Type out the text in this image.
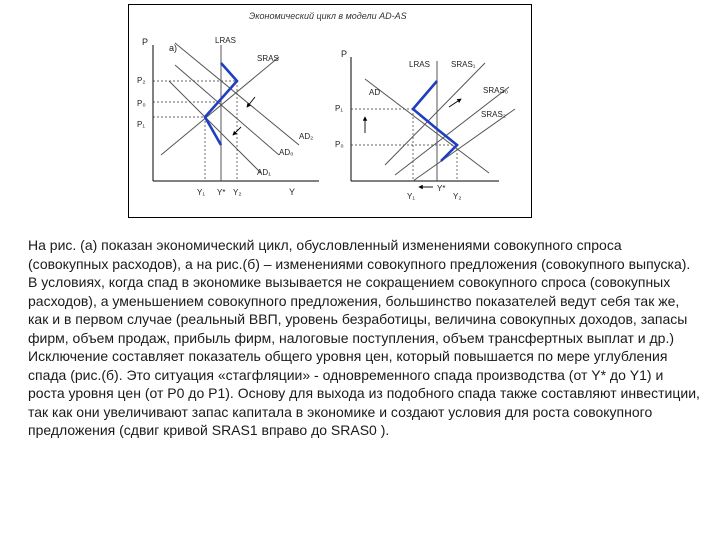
Экономический цикл в модели AD-AS
P
а)
Y
P₂
P₀
P₁
Y₁ Y* Y₂
LRAS
SRAS
AD₂
AD₀
AD₁
P
P₁
P₀
Y₁
Y*
Y₂
LRAS
AD
SRAS₁
SRAS₀
SRAS₂

На рис. (а) показан экономический цикл, обусловленный изменениями совокупного спроса (совокупных расходов), а на рис.(б) – изменениями совокупного предложения (совокупного выпуска).

В условиях, когда спад в экономике вызывается не сокращением совокупного спроса (совокупных расходов), а уменьшением совокупного предложения, большинство показателей ведут себя так же, как и в первом случае (реальный ВВП, уровень безработицы, величина совокупных доходов, запасы фирм, объем продаж, прибыль фирм, налоговые поступления, объем трансфертных выплат и др.) Исключение составляет показатель общего уровня цен, который повышается по мере углубления спада (рис.(б). Это ситуация «стагфляции» - одновременного спада производства (от Y* до Y1) и роста уровня цен (от P0 до P1). Основу для выхода из подобного спада также составляют инвестиции, так как они увеличивают запас капитала в экономике и создают условия для роста совокупного предложения (сдвиг кривой SRAS1 вправо до SRAS0 ).
